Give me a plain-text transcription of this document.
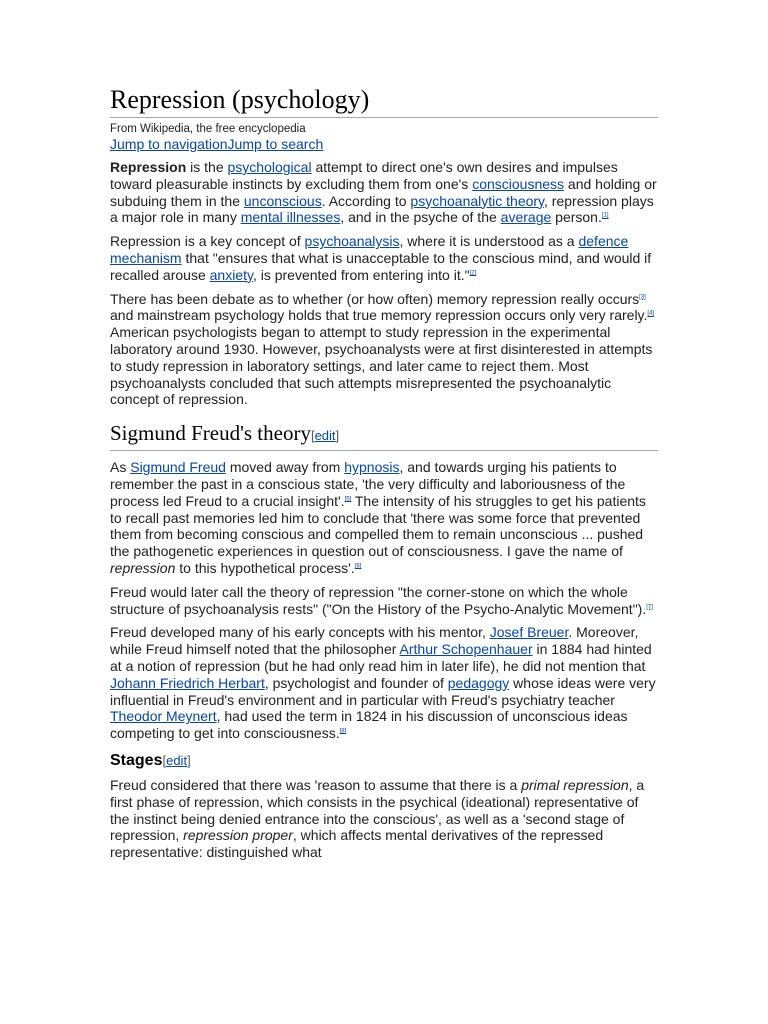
Repression (psychology)
From Wikipedia, the free encyclopedia
Jump to navigationJump to search

Repression is the psychological attempt to direct one's own desires and impulses toward pleasurable instincts by excluding them from one's consciousness and holding or subduing them in the unconscious. According to psychoanalytic theory, repression plays a major role in many mental illnesses, and in the psyche of the average person.[1]

Repression is a key concept of psychoanalysis, where it is understood as a defence mechanism that "ensures that what is unacceptable to the conscious mind, and would if recalled arouse anxiety, is prevented from entering into it."[2]

There has been debate as to whether (or how often) memory repression really occurs[3] and mainstream psychology holds that true memory repression occurs only very rarely.[4] American psychologists began to attempt to study repression in the experimental laboratory around 1930. However, psychoanalysts were at first disinterested in attempts to study repression in laboratory settings, and later came to reject them. Most psychoanalysts concluded that such attempts misrepresented the psychoanalytic concept of repression.

Sigmund Freud's theory[edit]

As Sigmund Freud moved away from hypnosis, and towards urging his patients to remember the past in a conscious state, 'the very difficulty and laboriousness of the process led Freud to a crucial insight'.[5] The intensity of his struggles to get his patients to recall past memories led him to conclude that 'there was some force that prevented them from becoming conscious and compelled them to remain unconscious ... pushed the pathogenetic experiences in question out of consciousness. I gave the name of repression to this hypothetical process'.[6]

Freud would later call the theory of repression "the corner-stone on which the whole structure of psychoanalysis rests" ("On the History of the Psycho-Analytic Movement").[7]

Freud developed many of his early concepts with his mentor, Josef Breuer. Moreover, while Freud himself noted that the philosopher Arthur Schopenhauer in 1884 had hinted at a notion of repression (but he had only read him in later life), he did not mention that Johann Friedrich Herbart, psychologist and founder of pedagogy whose ideas were very influential in Freud's environment and in particular with Freud's psychiatry teacher Theodor Meynert, had used the term in 1824 in his discussion of unconscious ideas competing to get into consciousness.[8]

Stages[edit]

Freud considered that there was 'reason to assume that there is a primal repression, a first phase of repression, which consists in the psychical (ideational) representative of the instinct being denied entrance into the conscious', as well as a 'second stage of repression, repression proper, which affects mental derivatives of the repressed representative: distinguished what
